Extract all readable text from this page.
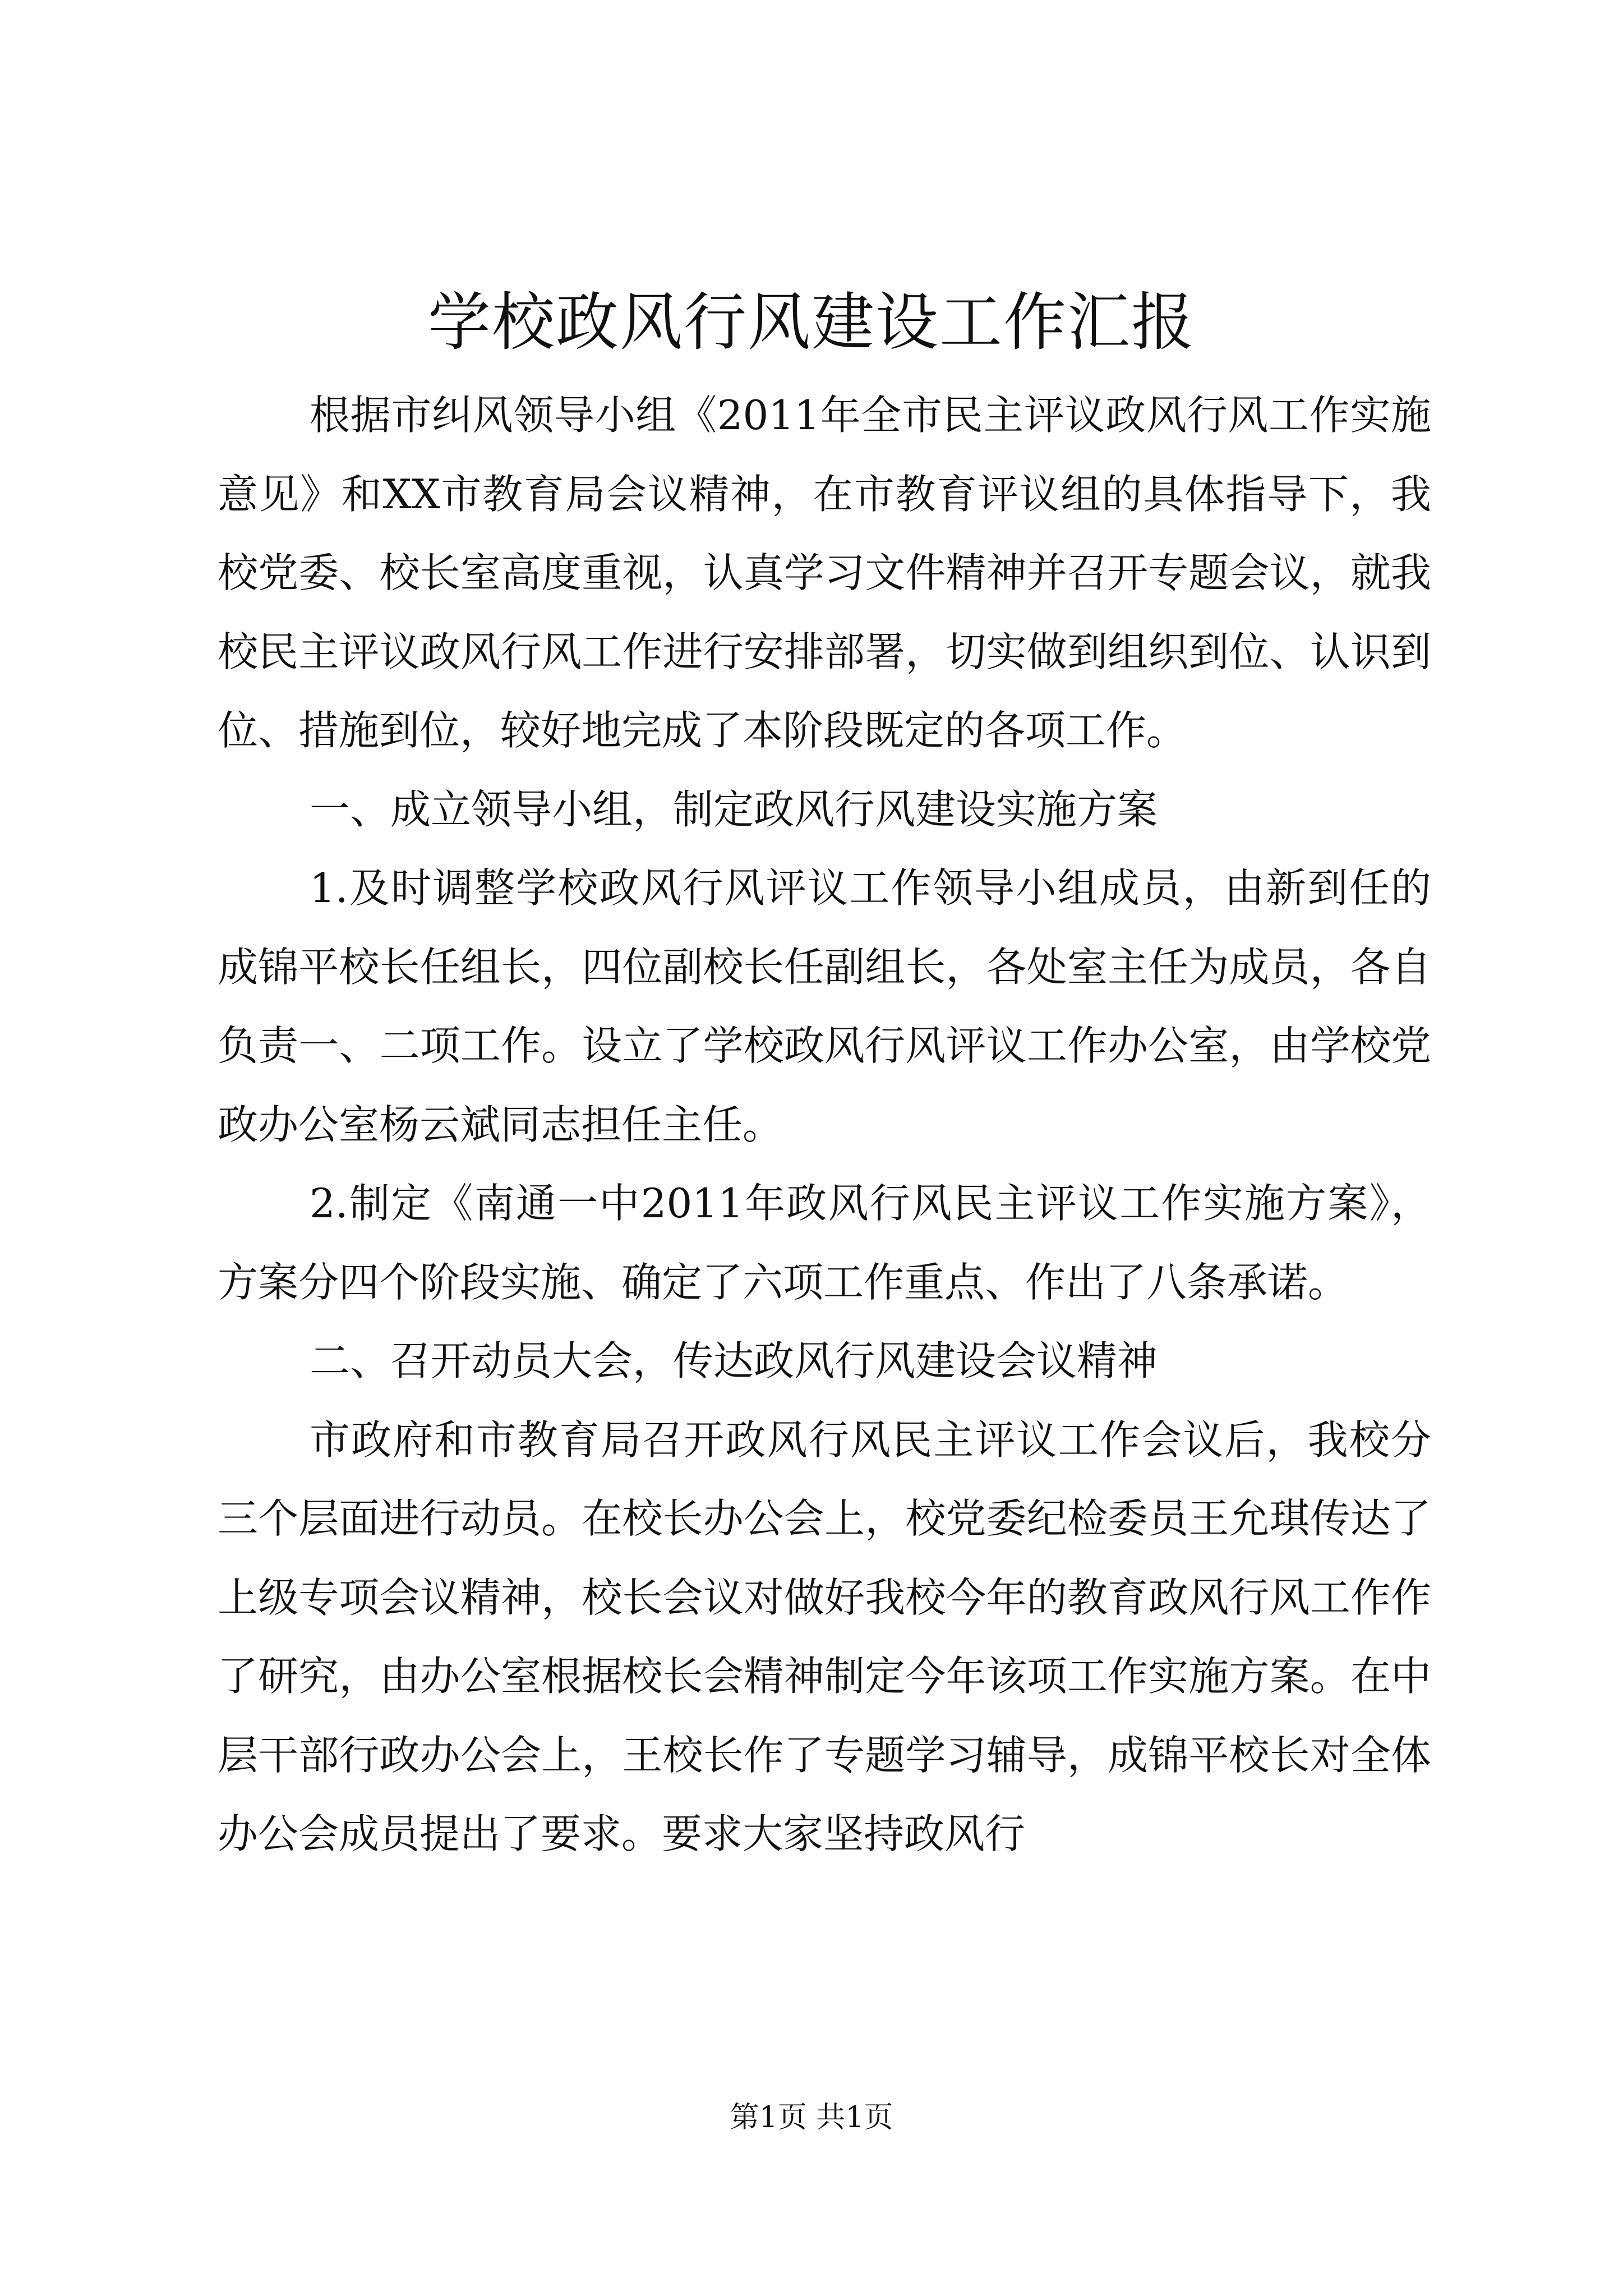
学校政风行风建设工作汇报

根据市纠风领导小组《2011年全市民主评议政风行风工作实施意见》和XX市教育局会议精神，在市教育评议组的具体指导下，我校党委、校长室高度重视，认真学习文件精神并召开专题会议，就我校民主评议政风行风工作进行安排部署，切实做到组织到位、认识到位、措施到位，较好地完成了本阶段既定的各项工作。

一、成立领导小组，制定政风行风建设实施方案

1.及时调整学校政风行风评议工作领导小组成员，由新到任的成锦平校长任组长，四位副校长任副组长，各处室主任为成员，各自负责一、二项工作。设立了学校政风行风评议工作办公室，由学校党政办公室杨云斌同志担任主任。

2.制定《南通一中2011年政风行风民主评议工作实施方案》，方案分四个阶段实施、确定了六项工作重点、作出了八条承诺。

二、召开动员大会，传达政风行风建设会议精神

市政府和市教育局召开政风行风民主评议工作会议后，我校分三个层面进行动员。在校长办公会上，校党委纪检委员王允琪传达了上级专项会议精神，校长会议对做好我校今年的教育政风行风工作作了研究，由办公室根据校长会精神制定今年该项工作实施方案。在中层干部行政办公会上，王校长作了专题学习辅导，成锦平校长对全体办公会成员提出了要求。要求大家坚持政风行

第1页 共1页
